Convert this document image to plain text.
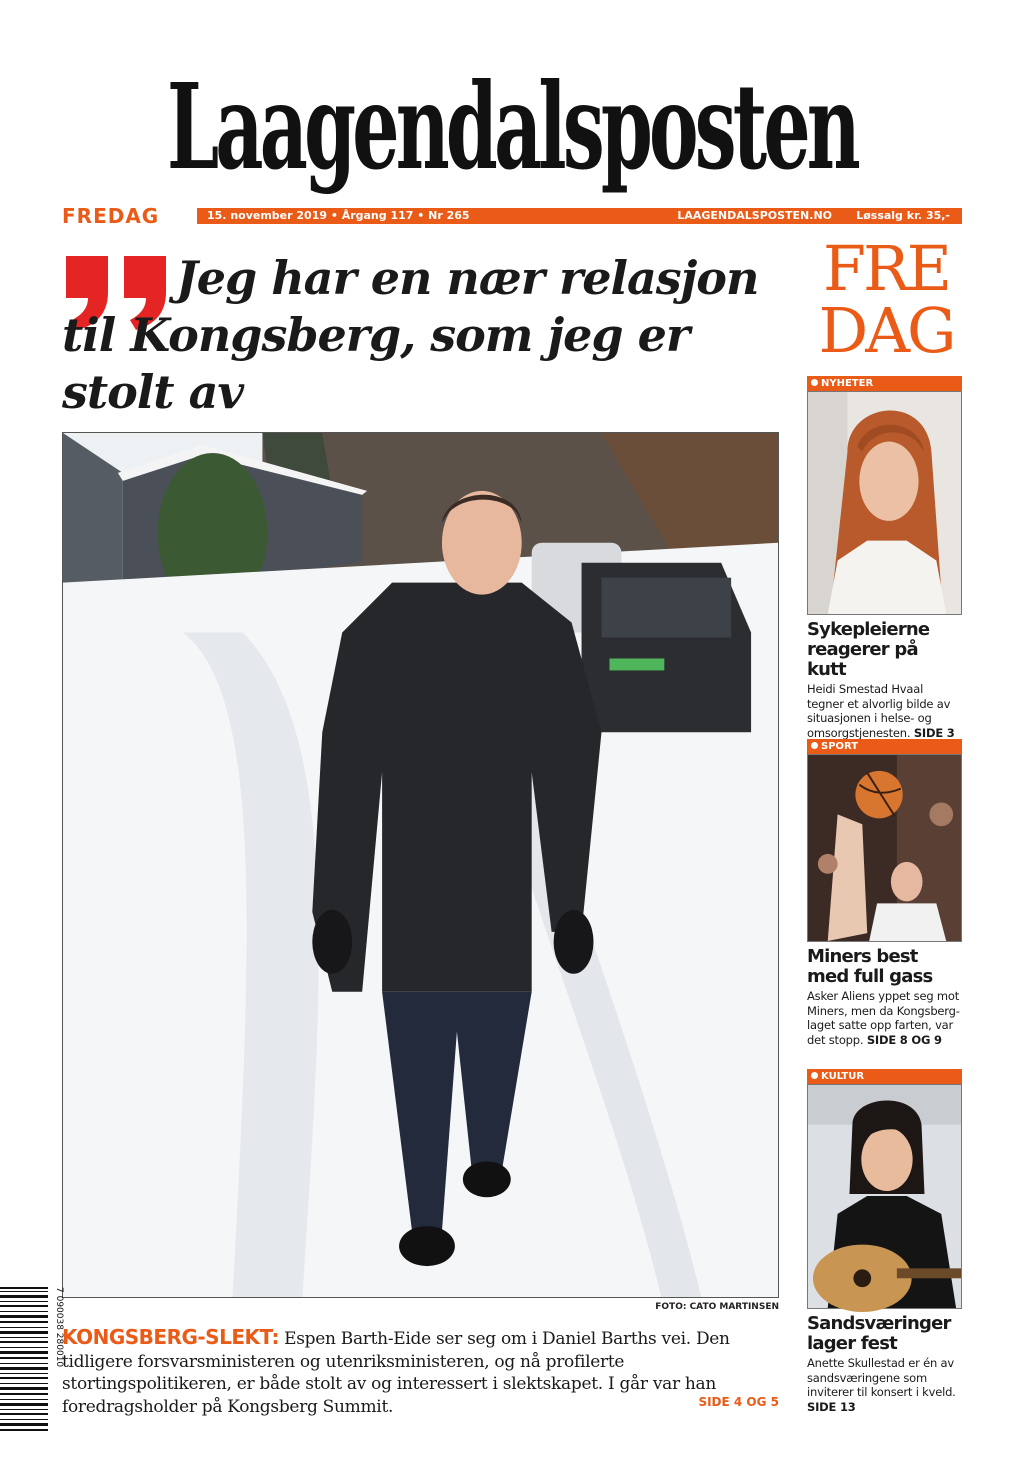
Laagendalsposten
FREDAG	15. november 2019 • Årgang 117 • Nr 265	LAAGENDALSPOSTEN.NO Løssalg kr. 35,-
Jeg har en nær relasjon til Kongsberg, som jeg er stolt av
FOTO: CATO MARTINSEN
KONGSBERG-SLEKT: Espen Barth-Eide ser seg om i Daniel Barths vei. Den tidligere forsvarsministeren og utenriksministeren, og nå profilerte stortingspolitikeren, er både stolt av og interessert i slektskapet. I går var han foredragsholder på Kongsberg Summit.	SIDE 4 OG 5
7 090038 280010
FRE
DAG
NYHETER
Sykepleierne reagerer på kutt
Heidi Smestad Hvaal tegner et alvorlig bilde av situasjonen i helse- og omsorgstjenesten. SIDE 3
SPORT
Miners best med full gass
Asker Aliens yppet seg mot Miners, men da Kongsberg-laget satte opp farten, var det stopp. SIDE 8 OG 9
KULTUR
Sandsværinger lager fest
Anette Skullestad er én av sandsværingene som inviterer til konsert i kveld. SIDE 13
